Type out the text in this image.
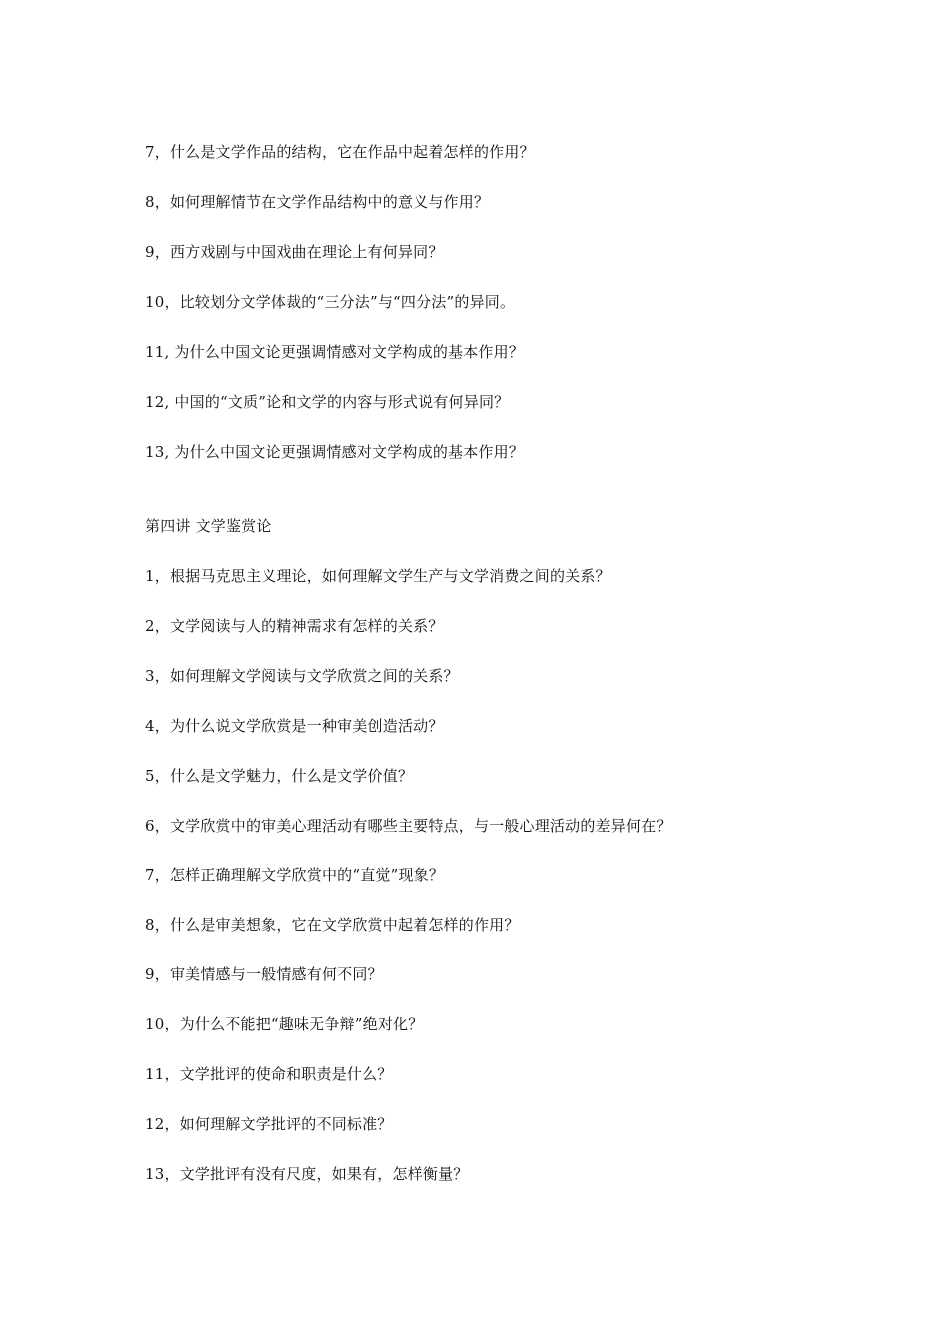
7，什么是文学作品的结构，它在作品中起着怎样的作用？
8，如何理解情节在文学作品结构中的意义与作用？
9，西方戏剧与中国戏曲在理论上有何异同？
10，比较划分文学体裁的“三分法”与“四分法”的异同。
11, 为什么中国文论更强调情感对文学构成的基本作用？
12, 中国的“文质”论和文学的内容与形式说有何异同？
13, 为什么中国文论更强调情感对文学构成的基本作用？
第四讲 文学鉴赏论
1，根据马克思主义理论，如何理解文学生产与文学消费之间的关系？
2，文学阅读与人的精神需求有怎样的关系？
3，如何理解文学阅读与文学欣赏之间的关系？
4，为什么说文学欣赏是一种审美创造活动？
5，什么是文学魅力，什么是文学价值？
6，文学欣赏中的审美心理活动有哪些主要特点，与一般心理活动的差异何在？
7，怎样正确理解文学欣赏中的“直觉”现象？
8，什么是审美想象，它在文学欣赏中起着怎样的作用？
9，审美情感与一般情感有何不同？
10，为什么不能把“趣味无争辩”绝对化？
11，文学批评的使命和职责是什么？
12，如何理解文学批评的不同标准？
13，文学批评有没有尺度，如果有，怎样衡量？
